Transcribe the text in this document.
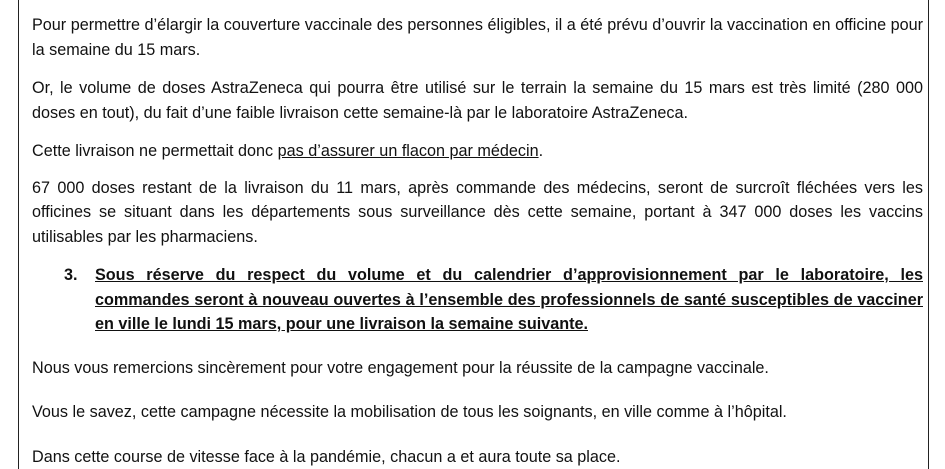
Pour permettre d’élargir la couverture vaccinale des personnes éligibles, il a été prévu d’ouvrir la vaccination en officine pour la semaine du 15 mars.

Or, le volume de doses AstraZeneca qui pourra être utilisé sur le terrain la semaine du 15 mars est très limité (280 000 doses en tout), du fait d’une faible livraison cette semaine-là par le laboratoire AstraZeneca.

Cette livraison ne permettait donc pas d’assurer un flacon par médecin.

67 000 doses restant de la livraison du 11 mars, après commande des médecins, seront de surcroît fléchées vers les officines se situant dans les départements sous surveillance dès cette semaine, portant à 347 000 doses les vaccins utilisables par les pharmaciens.

3.	Sous réserve du respect du volume et du calendrier d’approvisionnement par le laboratoire, les commandes seront à nouveau ouvertes à l’ensemble des professionnels de santé susceptibles de vacciner en ville le lundi 15 mars, pour une livraison la semaine suivante.

Nous vous remercions sincèrement pour votre engagement pour la réussite de la campagne vaccinale.

Vous le savez, cette campagne nécessite la mobilisation de tous les soignants, en ville comme à l’hôpital.

Dans cette course de vitesse face à la pandémie, chacun a et aura toute sa place.
